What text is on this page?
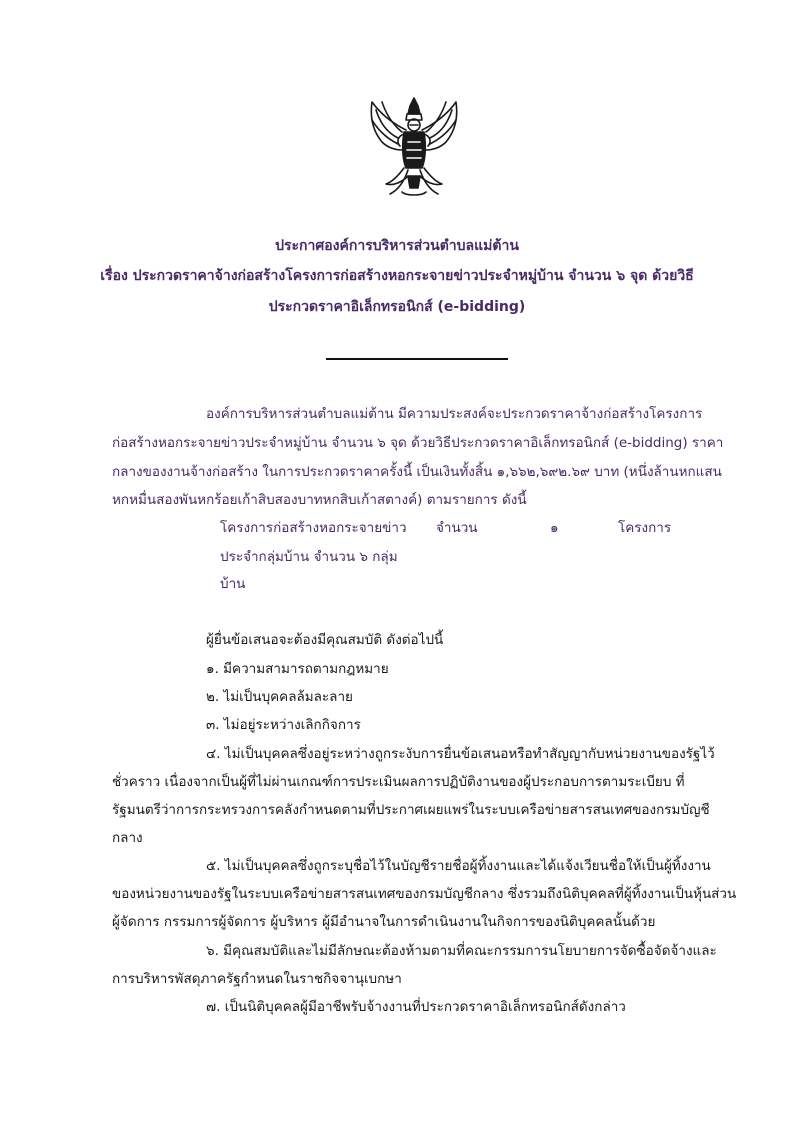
ประกาศองค์การบริหารส่วนตำบลแม่ต้าน
เรื่อง ประกวดราคาจ้างก่อสร้างโครงการก่อสร้างหอกระจายข่าวประจำหมู่บ้าน จำนวน ๖ จุด ด้วยวิธี
ประกวดราคาอิเล็กทรอนิกส์ (e-bidding)
องค์การบริหารส่วนตำบลแม่ต้าน มีความประสงค์จะประกวดราคาจ้างก่อสร้างโครงการ
ก่อสร้างหอกระจายข่าวประจำหมู่บ้าน จำนวน ๖ จุด ด้วยวิธีประกวดราคาอิเล็กทรอนิกส์ (e-bidding) ราคา
กลางของงานจ้างก่อสร้าง ในการประกวดราคาครั้งนี้ เป็นเงินทั้งสิ้น ๑,๖๖๒,๖๙๒.๖๙ บาท (หนึ่งล้านหกแสน
หกหมื่นสองพันหกร้อยเก้าสิบสองบาทหกสิบเก้าสตางค์) ตามรายการ ดังนี้
โครงการก่อสร้างหอกระจายข่าว
ประจำกลุ่มบ้าน จำนวน ๖ กลุ่ม
บ้าน
จำนวน	๑	โครงการ
ผู้ยื่นข้อเสนอจะต้องมีคุณสมบัติ ดังต่อไปนี้
๑. มีความสามารถตามกฎหมาย
๒. ไม่เป็นบุคคลล้มละลาย
๓. ไม่อยู่ระหว่างเลิกกิจการ
๔. ไม่เป็นบุคคลซึ่งอยู่ระหว่างถูกระงับการยื่นข้อเสนอหรือทำสัญญากับหน่วยงานของรัฐไว้
ชั่วคราว เนื่องจากเป็นผู้ที่ไม่ผ่านเกณฑ์การประเมินผลการปฏิบัติงานของผู้ประกอบการตามระเบียบ ที่
รัฐมนตรีว่าการกระทรวงการคลังกำหนดตามที่ประกาศเผยแพร่ในระบบเครือข่ายสารสนเทศของกรมบัญชี
กลาง
๕. ไม่เป็นบุคคลซึ่งถูกระบุชื่อไว้ในบัญชีรายชื่อผู้ทิ้งงานและได้แจ้งเวียนชื่อให้เป็นผู้ทิ้งงาน
ของหน่วยงานของรัฐในระบบเครือข่ายสารสนเทศของกรมบัญชีกลาง ซึ่งรวมถึงนิติบุคคลที่ผู้ทิ้งงานเป็นหุ้นส่วน
ผู้จัดการ กรรมการผู้จัดการ ผู้บริหาร ผู้มีอำนาจในการดำเนินงานในกิจการของนิติบุคคลนั้นด้วย
๖. มีคุณสมบัติและไม่มีลักษณะต้องห้ามตามที่คณะกรรมการนโยบายการจัดซื้อจัดจ้างและ
การบริหารพัสดุภาครัฐกำหนดในราชกิจจานุเบกษา
๗. เป็นนิติบุคคลผู้มีอาชีพรับจ้างงานที่ประกวดราคาอิเล็กทรอนิกส์ดังกล่าว
